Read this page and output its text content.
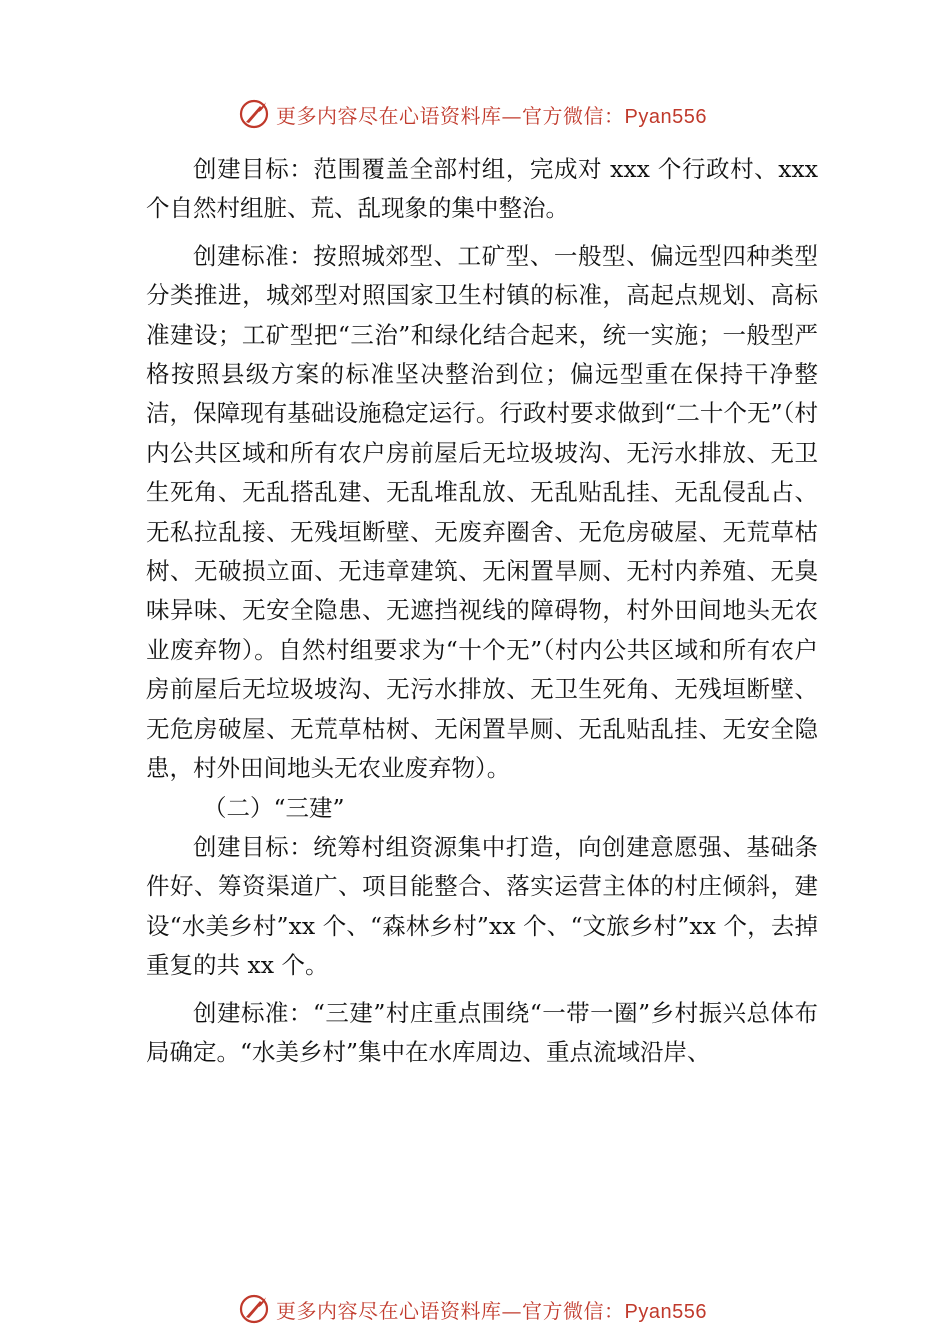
更多内容尽在心语资料库—官方微信：Pyan556

创建目标：范围覆盖全部村组，完成对 xxx 个行政村、xxx 个自然村组脏、荒、乱现象的集中整治。

创建标准：按照城郊型、工矿型、一般型、偏远型四种类型分类推进，城郊型对照国家卫生村镇的标准，高起点规划、高标准建设；工矿型把“三治”和绿化结合起来，统一实施；一般型严格按照县级方案的标准坚决整治到位；偏远型重在保持干净整洁，保障现有基础设施稳定运行。行政村要求做到“二十个无”（村内公共区域和所有农户房前屋后无垃圾坡沟、无污水排放、无卫生死角、无乱搭乱建、无乱堆乱放、无乱贴乱挂、无乱侵乱占、无私拉乱接、无残垣断壁、无废弃圈舍、无危房破屋、无荒草枯树、无破损立面、无违章建筑、无闲置旱厕、无村内养殖、无臭味异味、无安全隐患、无遮挡视线的障碍物，村外田间地头无农业废弃物）。自然村组要求为“十个无”（村内公共区域和所有农户房前屋后无垃圾坡沟、无污水排放、无卫生死角、无残垣断壁、无危房破屋、无荒草枯树、无闲置旱厕、无乱贴乱挂、无安全隐患，村外田间地头无农业废弃物）。

（二）“三建”

创建目标：统筹村组资源集中打造，向创建意愿强、基础条件好、筹资渠道广、项目能整合、落实运营主体的村庄倾斜，建设“水美乡村”xx 个、“森林乡村”xx 个、“文旅乡村”xx 个，去掉重复的共 xx 个。

创建标准：“三建”村庄重点围绕“一带一圈”乡村振兴总体布局确定。“水美乡村”集中在水库周边、重点流域沿岸、

更多内容尽在心语资料库—官方微信：Pyan556
